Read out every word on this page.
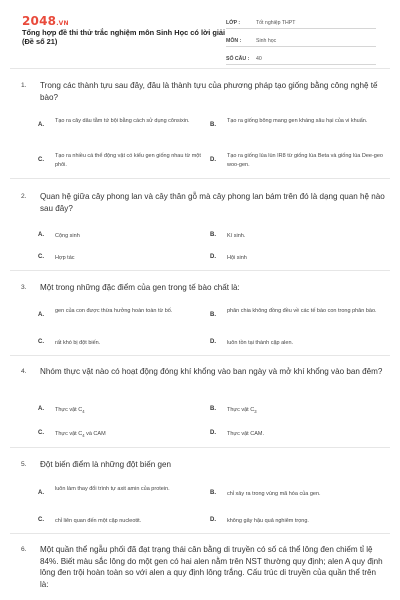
2048.VN
Tổng hợp đề thi thử trắc nghiệm môn Sinh Học có lời giải (Đề số 21)
LỚP :	Tốt nghiệp THPT
MÔN :	Sinh học
SỐ CÂU :	40
1. Trong các thành tựu sau đây, đâu là thành tựu của phương pháp tạo giống bằng công nghệ tế bào?
A.
Tạo ra cây dâu tằm tứ bội bằng cách sử dụng cônsixin.
B.
Tạo ra giống bông mang gen kháng sâu hại của vi khuẩn.
C.
Tạo ra nhiều cá thể động vật có kiểu gen giống nhau từ một phôi.
D.
Tạo ra giống lúa lùn IR8 từ giống lúa Beta và giống lúa Dee-geo woo-gen.
2. Quan hệ giữa cây phong lan và cây thân gỗ mà cây phong lan bám trên đó là dạng quan hệ nào sau đây?
A. Cộng sinh	B. Kí sinh.
C. Hợp tác	D. Hội sinh
3. Một trong những đặc điểm của gen trong tế bào chất là:
A.
gen của con được thừa hưởng hoàn toàn từ bố.
B.
phân chia không đồng đều về các tế bào con trong phân bào.
C. rất khó bị đột biến.	D. luôn tồn tại thành cặp alen.
4. Nhóm thực vật nào có hoạt động đóng khí khổng vào ban ngày và mở khí khổng vào ban đêm?
A. Thực vật $C_4$	B. Thực vật $C_3$
C. Thực vật $C_4$ và CAM	D. Thực vật CAM.
5. Đột biến điểm là những đột biến gen
A.
luôn làm thay đổi trình tự axit amin của protein.
B. chỉ xảy ra trong vùng mã hóa của gen.
C. chỉ liên quan đến một cặp nucleotit.	D. không gây hậu quả nghiêm trọng.
6. Một quần thể ngẫu phối đã đạt trạng thái cân bằng di truyền có số cá thể lông đen chiếm tỉ lệ 84%. Biết màu sắc lông do một gen có hai alen nằm trên NST thường quy định; alen A quy định lông đen trội hoàn toàn so với alen a quy định lông trắng. Cấu trúc di truyền của quần thể trên là:
